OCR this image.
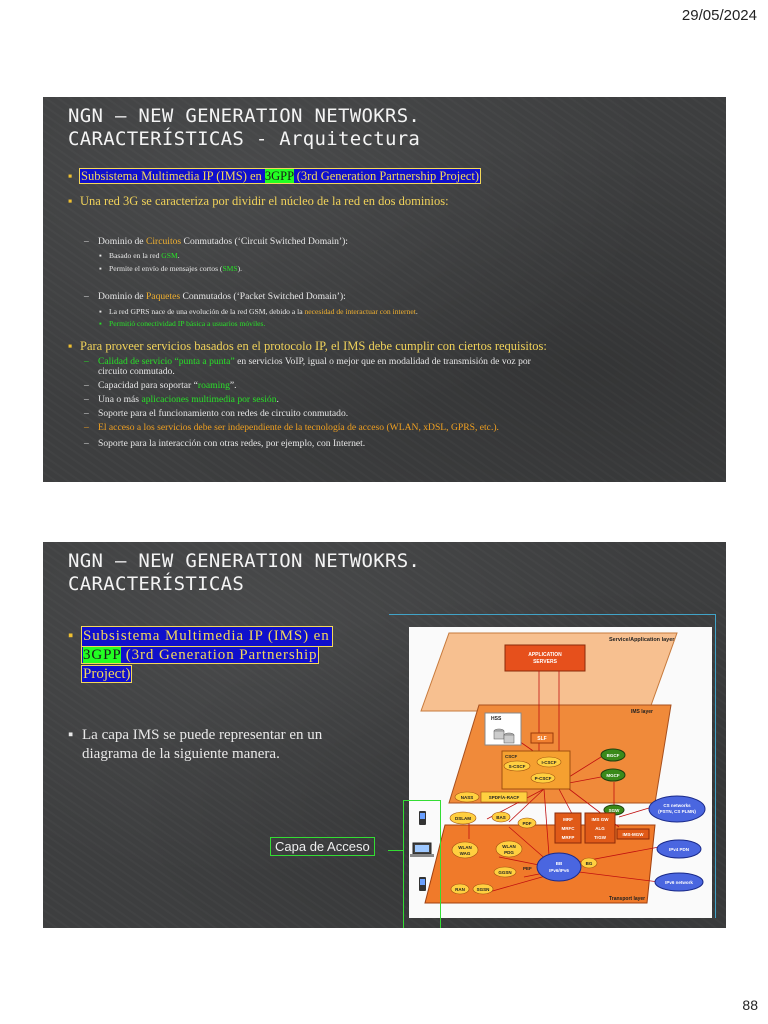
29/05/2024
NGN – NEW GENERATION NETWOKRS.
CARACTERÍSTICAS - Arquitectura
▪ Subsistema Multimedia IP (IMS) en 3GPP (3rd Generation Partnership Project)
▪ Una red 3G se caracteriza por dividir el núcleo de la red en dos dominios:
– Dominio de Circuitos Conmutados (‘Circuit Switched Domain’):
▪ Basado en la red GSM.
▪ Permite el envío de mensajes cortos (SMS).
– Dominio de Paquetes Conmutados (‘Packet Switched Domain’):
▪ La red GPRS nace de una evolución de la red GSM, debido a la necesidad de interactuar con internet.
▪ Permitió conectividad IP básica a usuarios móviles.
▪ Para proveer servicios basados en el protocolo IP, el IMS debe cumplir con ciertos requisitos:
– Calidad de servicio “punta a punta” en servicios VoIP, igual o mejor que en modalidad de transmisión de voz por
circuito conmutado.
– Capacidad para soportar “roaming”.
– Una o más aplicaciones multimedia por sesión.
– Soporte para el funcionamiento con redes de circuito conmutado.
– El acceso a los servicios debe ser independiente de la tecnología de acceso (WLAN, xDSL, GPRS, etc.).
– Soporte para la interacción con otras redes, por ejemplo, con Internet.
NGN – NEW GENERATION NETWOKRS.
CARACTERÍSTICAS
▪ Subsistema Multimedia IP (IMS) en
3GPP (3rd Generation Partnership
Project)
▪ La capa IMS se puede representar en un
diagrama de la siguiente manera.
Capa de Acceso
Service/Application layer
APPLICATION
SERVERS
IMS layer
Transport layer
HSS
SLF
CSCF
S-CSCF
I-CSCF
P-CSCF
BGCF
MGCF
SGW
NASS	SPDF/A-RACF
DSLAM	BAS
PDF
MRF
MRFC
MRFP
IMS GW
ALG
TrGW
IMS-MGW
WLAN
WAG
WLAN
PDG
GGSN
PEF
BB
IPv6/IPv6
BG
RAN	SGSN
CS networks
(PSTN, CS PLMN)
IPv4 PDN
IPv6 network
88
